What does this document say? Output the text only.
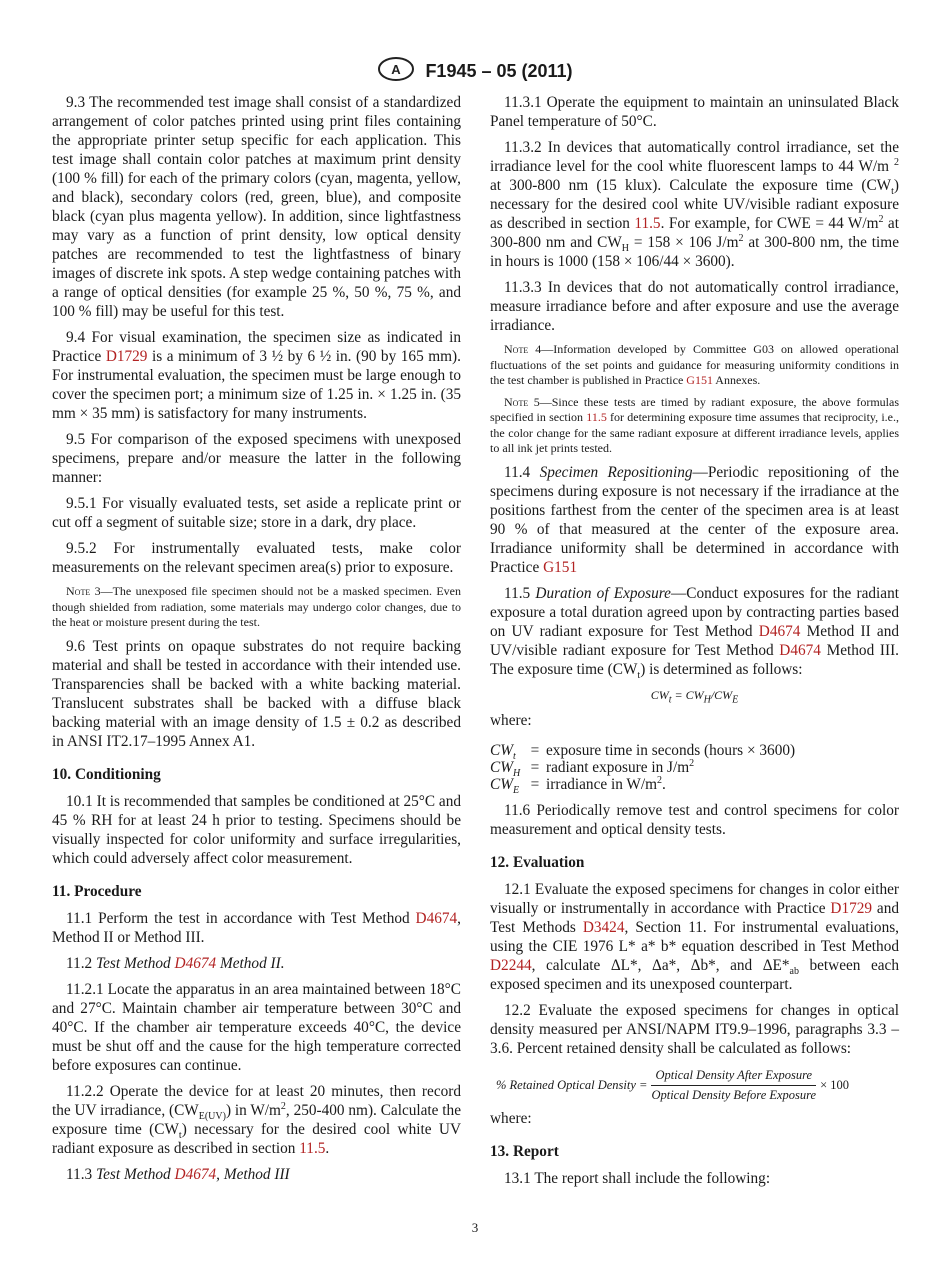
A F1945 – 05 (2011)
9.3 The recommended test image shall consist of a standardized arrangement of color patches printed using print files containing the appropriate printer setup specific for each application. This test image shall contain color patches at maximum print density (100 % fill) for each of the primary colors (cyan, magenta, yellow, and black), secondary colors (red, green, blue), and composite black (cyan plus magenta yellow). In addition, since lightfastness may vary as a function of print density, low optical density patches are recommended to test the lightfastness of binary images of discrete ink spots. A step wedge containing patches with a range of optical densities (for example 25 %, 50 %, 75 %, and 100 % fill) may be useful for this test.
9.4 For visual examination, the specimen size as indicated in Practice D1729 is a minimum of 3 ½ by 6 ½ in. (90 by 165 mm). For instrumental evaluation, the specimen must be large enough to cover the specimen port; a minimum size of 1.25 in. × 1.25 in. (35 mm × 35 mm) is satisfactory for many instruments.
9.5 For comparison of the exposed specimens with unexposed specimens, prepare and/or measure the latter in the following manner:
9.5.1 For visually evaluated tests, set aside a replicate print or cut off a segment of suitable size; store in a dark, dry place.
9.5.2 For instrumentally evaluated tests, make color measurements on the relevant specimen area(s) prior to exposure.
Note 3—The unexposed file specimen should not be a masked specimen. Even though shielded from radiation, some materials may undergo color changes, due to the heat or moisture present during the test.
9.6 Test prints on opaque substrates do not require backing material and shall be tested in accordance with their intended use. Transparencies shall be backed with a white backing material. Translucent substrates shall be backed with a diffuse black backing material with an image density of 1.5 ± 0.2 as described in ANSI IT2.17–1995 Annex A1.
10. Conditioning
10.1 It is recommended that samples be conditioned at 25°C and 45 % RH for at least 24 h prior to testing. Specimens should be visually inspected for color uniformity and surface irregularities, which could adversely affect color measurement.
11. Procedure
11.1 Perform the test in accordance with Test Method D4674, Method II or Method III.
11.2 Test Method D4674 Method II.
11.2.1 Locate the apparatus in an area maintained between 18°C and 27°C. Maintain chamber air temperature between 30°C and 40°C. If the chamber air temperature exceeds 40°C, the device must be shut off and the cause for the high temperature corrected before exposures can continue.
11.2.2 Operate the device for at least 20 minutes, then record the UV irradiance, $(CW_{E(UV)})$ in $W/m^2$, 250-400 nm). Calculate the exposure time $(CW_t)$ necessary for the desired cool white UV radiant exposure as described in section 11.5.
11.3 Test Method D4674, Method III
11.3.1 Operate the equipment to maintain an uninsulated Black Panel temperature of 50°C.
11.3.2 In devices that automatically control irradiance, set the irradiance level for the cool white fluorescent lamps to 44 W/m $^2$ at 300-800 nm (15 klux). Calculate the exposure time $(CW_t)$ necessary for the desired cool white UV/visible radiant exposure as described in section 11.5. For example, for CWE = 44 $W/m^2$ at 300-800 nm and $CW_H = 158 \times 106$ $J/m^2$ at 300-800 nm, the time in hours is 1000 (158 × 106/44 × 3600).
11.3.3 In devices that do not automatically control irradiance, measure irradiance before and after exposure and use the average irradiance.
Note 4—Information developed by Committee G03 on allowed operational fluctuations of the set points and guidance for measuring uniformity conditions in the test chamber is published in Practice G151 Annexes.
Note 5—Since these tests are timed by radiant exposure, the above formulas specified in section 11.5 for determining exposure time assumes that reciprocity, i.e., the color change for the same radiant exposure at different irradiance levels, applies to all ink jet prints tested.
11.4 Specimen Repositioning—Periodic repositioning of the specimens during exposure is not necessary if the irradiance at the positions farthest from the center of the specimen area is at least 90 % of that measured at the center of the exposure area. Irradiance uniformity shall be determined in accordance with Practice G151
11.5 Duration of Exposure—Conduct exposures for the radiant exposure a total duration agreed upon by contracting parties based on UV radiant exposure for Test Method D4674 Method II and UV/visible radiant exposure for Test Method D4674 Method III. The exposure time $(CW_t)$ is determined as follows:
$CW_t = CW_H/CW_E$
where:
$CW_t$ = exposure time in seconds (hours × 3600)
$CW_H$ = radiant exposure in $J/m^2$
$CW_E$ = irradiance in $W/m^2$.
11.6 Periodically remove test and control specimens for color measurement and optical density tests.
12. Evaluation
12.1 Evaluate the exposed specimens for changes in color either visually or instrumentally in accordance with Practice D1729 and Test Methods D3424, Section 11. For instrumental evaluations, using the CIE 1976 L* a* b* equation described in Test Method D2244, calculate ΔL*, Δa*, Δb*, and $\Delta E*_{ab}$ between each exposed specimen and its unexposed counterpart.
12.2 Evaluate the exposed specimens for changes in optical density measured per ANSI/NAPM IT9.9–1996, paragraphs 3.3 – 3.6. Percent retained density shall be calculated as follows:
% Retained Optical Density = $\frac{\text{Optical Density After Exposure}}{\text{Optical Density Before Exposure}} \times 100$
where:
13. Report
13.1 The report shall include the following:
3
